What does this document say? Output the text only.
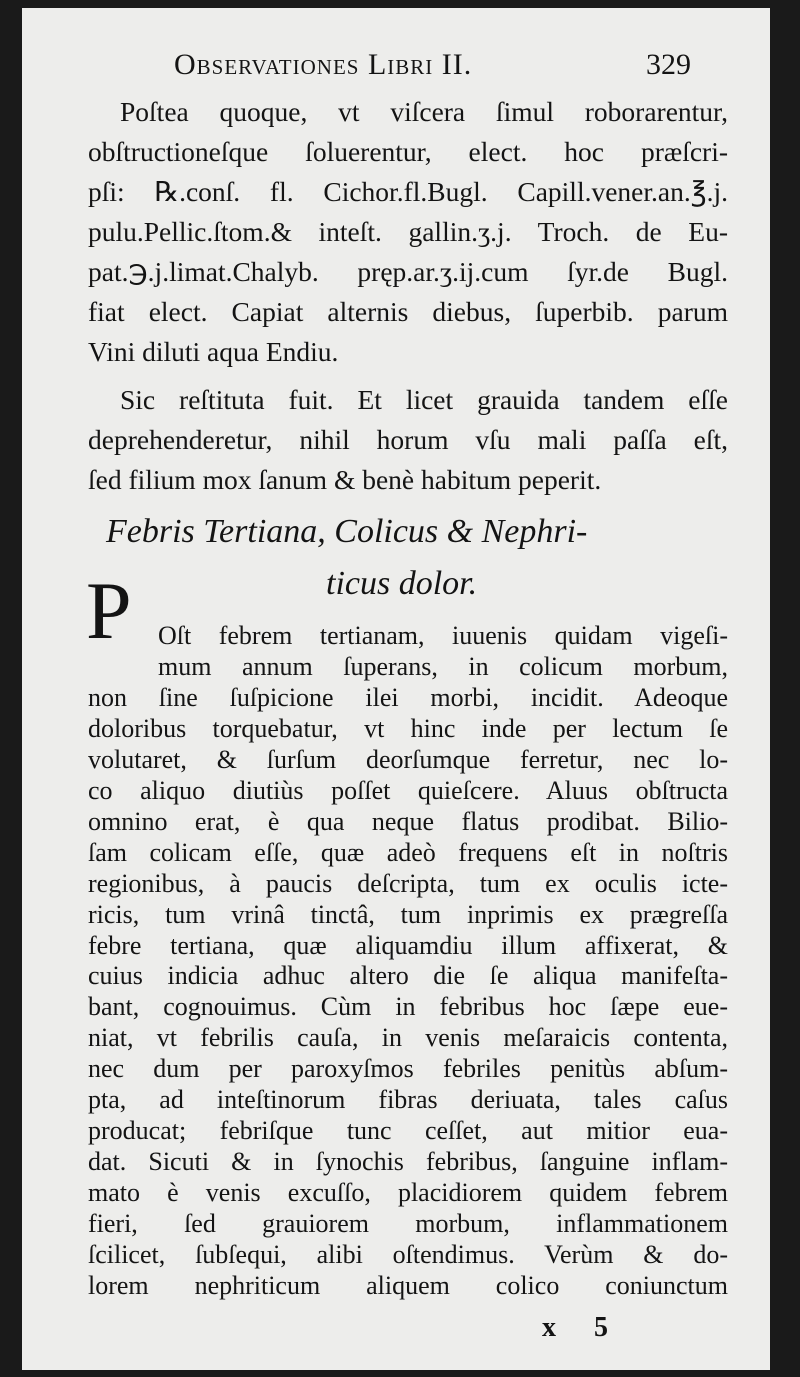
Observationes Libri II.	329
Poſtea quoque, vt viſcera ſimul roborarentur,
obſtructioneſque ſoluerentur, elect. hoc præſcri-
pſi: ℞.conſ. fl. Cichor.fl.Bugl. Capill.vener.an.℥.j.
pulu.Pellic.ſtom.& inteſt. gallin.ʒ.j. Troch. de Eu-
pat.℈.j.limat.Chalyb. pręp.ar.ʒ.ij.cum ſyr.de Bugl.
fiat elect. Capiat alternis diebus, ſuperbib. parum
Vini diluti aqua Endiu.
Sic reſtituta fuit. Et licet grauida tandem eſſe
deprehenderetur, nihil horum vſu mali paſſa eſt,
ſed filium mox ſanum & benè habitum peperit.
Febris Tertiana, Colicus & Nephri-
ticus dolor.
P Oſt febrem tertianam, iuuenis quidam vigeſi-
mum annum ſuperans, in colicum morbum,
non ſine ſuſpicione ilei morbi, incidit. Adeoque
doloribus torquebatur, vt hinc inde per lectum ſe
volutaret, & ſurſum deorſumque ferretur, nec lo-
co aliquo diutiùs poſſet quieſcere. Aluus obſtructa
omnino erat, è qua neque flatus prodibat. Bilio-
ſam colicam eſſe, quæ adeò frequens eſt in noſtris
regionibus, à paucis deſcripta, tum ex oculis icte-
ricis, tum vrinâ tinctâ, tum inprimis ex prægreſſa
febre tertiana, quæ aliquamdiu illum affixerat, &
cuius indicia adhuc altero die ſe aliqua manifeſta-
bant, cognouimus. Cùm in febribus hoc ſæpe eue-
niat, vt febrilis cauſa, in venis meſaraicis contenta,
nec dum per paroxyſmos febriles penitùs abſum-
pta, ad inteſtinorum fibras deriuata, tales caſus
producat; febriſque tunc ceſſet, aut mitior eua-
x 5
dat. Sicuti & in ſynochis febribus, ſanguine inflam-
mato è venis excuſſo, placidiorem quidem febrem
fieri, ſed grauiorem morbum, inflammationem
ſcilicet, ſubſequi, alibi oſtendimus. Verùm & do-
lorem nephriticum aliquem colico coniunctum
